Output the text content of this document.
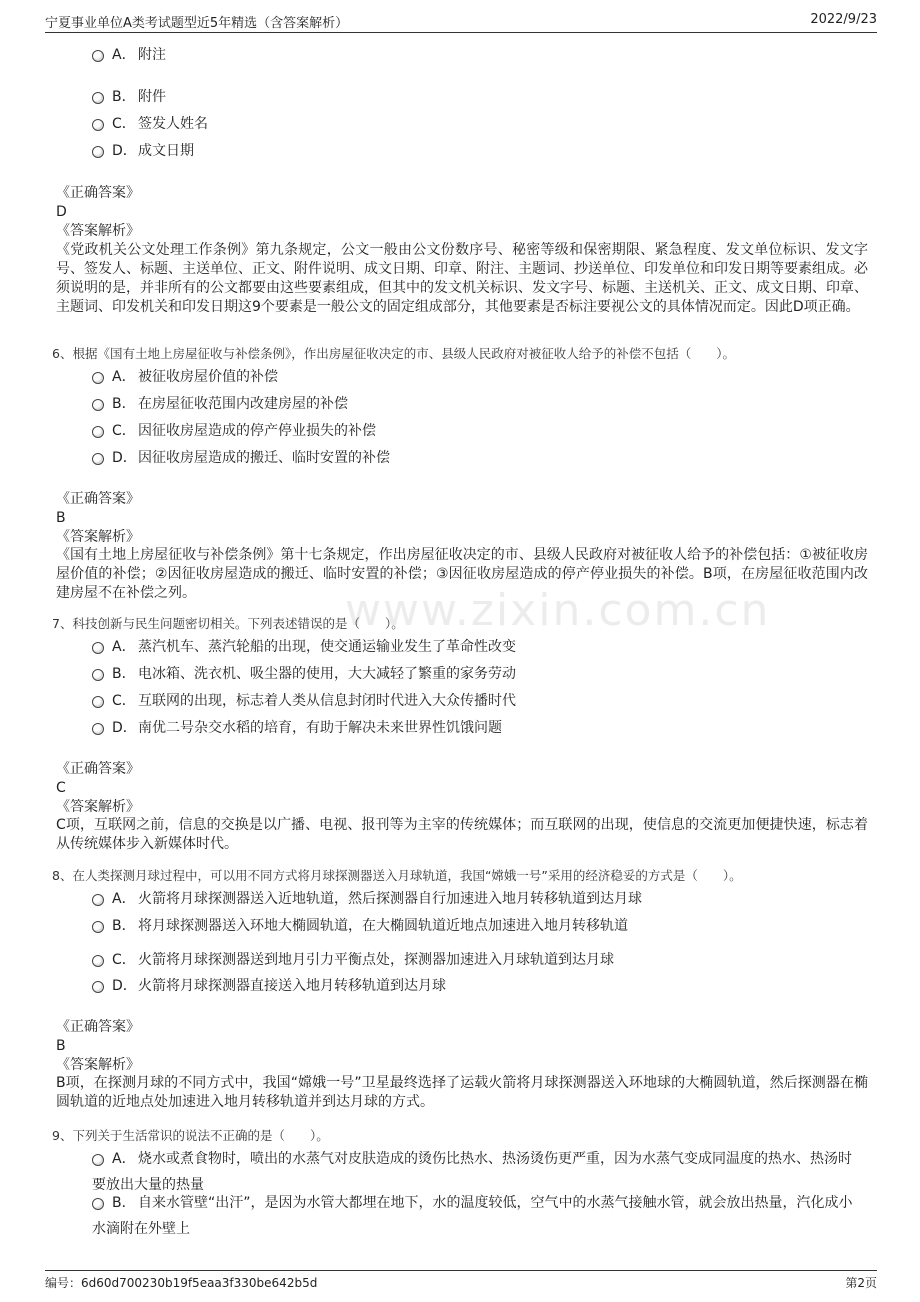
宁夏事业单位A类考试题型近5年精选（含答案解析）	2022/9/23
www.zixin.com.cn
A． 附注
B． 附件
C． 签发人姓名
D．成文日期
《正确答案》
D
《答案解析》
《党政机关公文处理工作条例》第九条规定，公文一般由公文份数序号、秘密等级和保密期限、紧急程度、发文单位标识、发文字号、签发人、标题、主送单位、正文、附件说明、成文日期、印章、附注、主题词、抄送单位、印发单位和印发日期等要素组成。必须说明的是，并非所有的公文都要由这些要素组成，但其中的发文机关标识、发文字号、标题、主送机关、正文、成文日期、印章、主题词、印发机关和印发日期这9个要素是一般公文的固定组成部分，其他要素是否标注要视公文的具体情况而定。因此D项正确。
6、根据《国有土地上房屋征收与补偿条例》，作出房屋征收决定的市、县级人民政府对被征收人给予的补偿不包括（　　）。
A． 被征收房屋价值的补偿
B． 在房屋征收范围内改建房屋的补偿
C． 因征收房屋造成的停产停业损失的补偿
D．因征收房屋造成的搬迁、临时安置的补偿
《正确答案》
B
《答案解析》
《国有土地上房屋征收与补偿条例》第十七条规定，作出房屋征收决定的市、县级人民政府对被征收人给予的补偿包括：①被征收房屋价值的补偿；②因征收房屋造成的搬迁、临时安置的补偿；③因征收房屋造成的停产停业损失的补偿。B项，在房屋征收范围内改建房屋不在补偿之列。
7、科技创新与民生问题密切相关。下列表述错误的是（　　）。
A． 蒸汽机车、蒸汽轮船的出现，使交通运输业发生了革命性改变
B． 电冰箱、洗衣机、吸尘器的使用，大大减轻了繁重的家务劳动
C． 互联网的出现，标志着人类从信息封闭时代进入大众传播时代
D．南优二号杂交水稻的培育，有助于解决未来世界性饥饿问题
《正确答案》
C
《答案解析》
C项，互联网之前，信息的交换是以广播、电视、报刊等为主宰的传统媒体；而互联网的出现，使信息的交流更加便捷快速，标志着从传统媒体步入新媒体时代。
8、在人类探测月球过程中，可以用不同方式将月球探测器送入月球轨道，我国“嫦娥一号”采用的经济稳妥的方式是（　　）。
A． 火箭将月球探测器送入近地轨道，然后探测器自行加速进入地月转移轨道到达月球
B． 将月球探测器送入环地大椭圆轨道，在大椭圆轨道近地点加速进入地月转移轨道
C． 火箭将月球探测器送到地月引力平衡点处，探测器加速进入月球轨道到达月球
D．火箭将月球探测器直接送入地月转移轨道到达月球
《正确答案》
B
《答案解析》
B项，在探测月球的不同方式中，我国“嫦娥一号”卫星最终选择了运载火箭将月球探测器送入环地球的大椭圆轨道，然后探测器在椭圆轨道的近地点处加速进入地月转移轨道并到达月球的方式。
9、下列关于生活常识的说法不正确的是（　　）。
A． 烧水或煮食物时，喷出的水蒸气对皮肤造成的烫伤比热水、热汤烫伤更严重，因为水蒸气变成同温度的热水、热汤时要放出大量的热量
B． 自来水管壁“出汗”，是因为水管大都埋在地下，水的温度较低，空气中的水蒸气接触水管，就会放出热量，汽化成小水滴附在外壁上
编号：6d60d700230b19f5eaa3f330be642b5d	第2页
